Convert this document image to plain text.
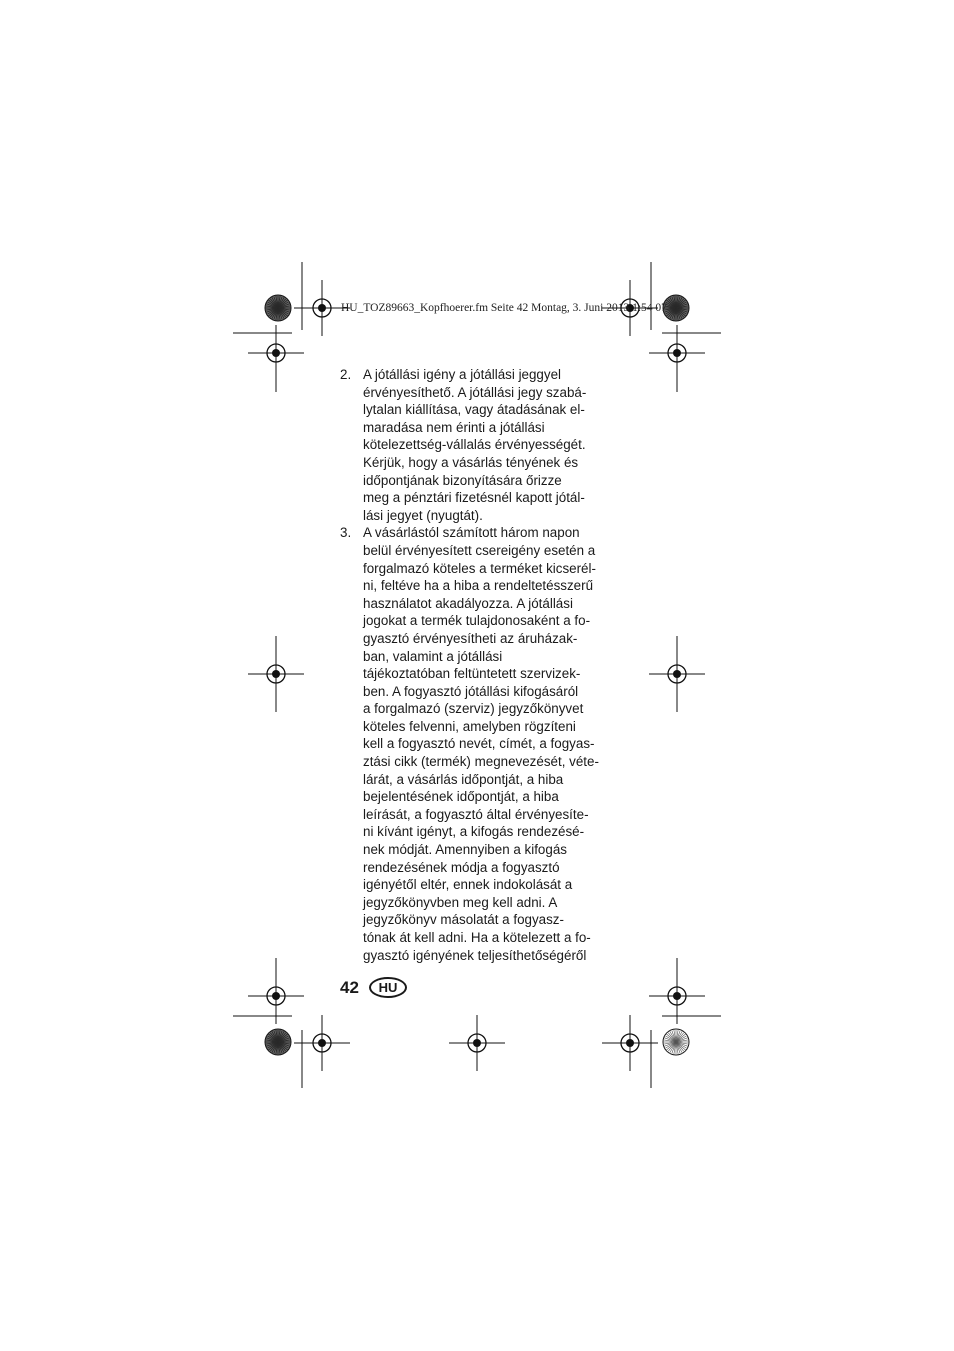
HU_TOZ89663_Kopfhoerer.fm Seite 42 Montag, 3. Juni 2013 1:54 07
2. A jótállási igény a jótállási jeggyel
érvényesíthető. A jótállási jegy szabá-
lytalan kiállítása, vagy átadásának el-
maradása nem érinti a jótállási
kötelezettség-vállalás érvényességét.
Kérjük, hogy a vásárlás tényének és
időpontjának bizonyítására őrizze
meg a pénztári fizetésnél kapott jótál-
lási jegyet (nyugtát).
3. A vásárlástól számított három napon
belül érvényesített csereigény esetén a
forgalmazó köteles a terméket kicserél-
ni, feltéve ha a hiba a rendeltetésszerű
használatot akadályozza. A jótállási
jogokat a termék tulajdonosaként a fo-
gyasztó érvényesítheti az áruházak-
ban, valamint a jótállási
tájékoztatóban feltüntetett szervizek-
ben. A fogyasztó jótállási kifogásáról
a forgalmazó (szerviz) jegyzőkönyvet
köteles felvenni, amelyben rögzíteni
kell a fogyasztó nevét, címét, a fogyas-
ztási cikk (termék) megnevezését, véte-
lárát, a vásárlás időpontját, a hiba
bejelentésének időpontját, a hiba
leírását, a fogyasztó által érvényesíte-
ni kívánt igényt, a kifogás rendezésé-
nek módját. Amennyiben a kifogás
rendezésének módja a fogyasztó
igényétől eltér, ennek indokolását a
jegyzőkönyvben meg kell adni. A
jegyzőkönyv másolatát a fogyasz-
tónak át kell adni. Ha a kötelezett a fo-
gyasztó igényének teljesíthetőségéről
42	HU
